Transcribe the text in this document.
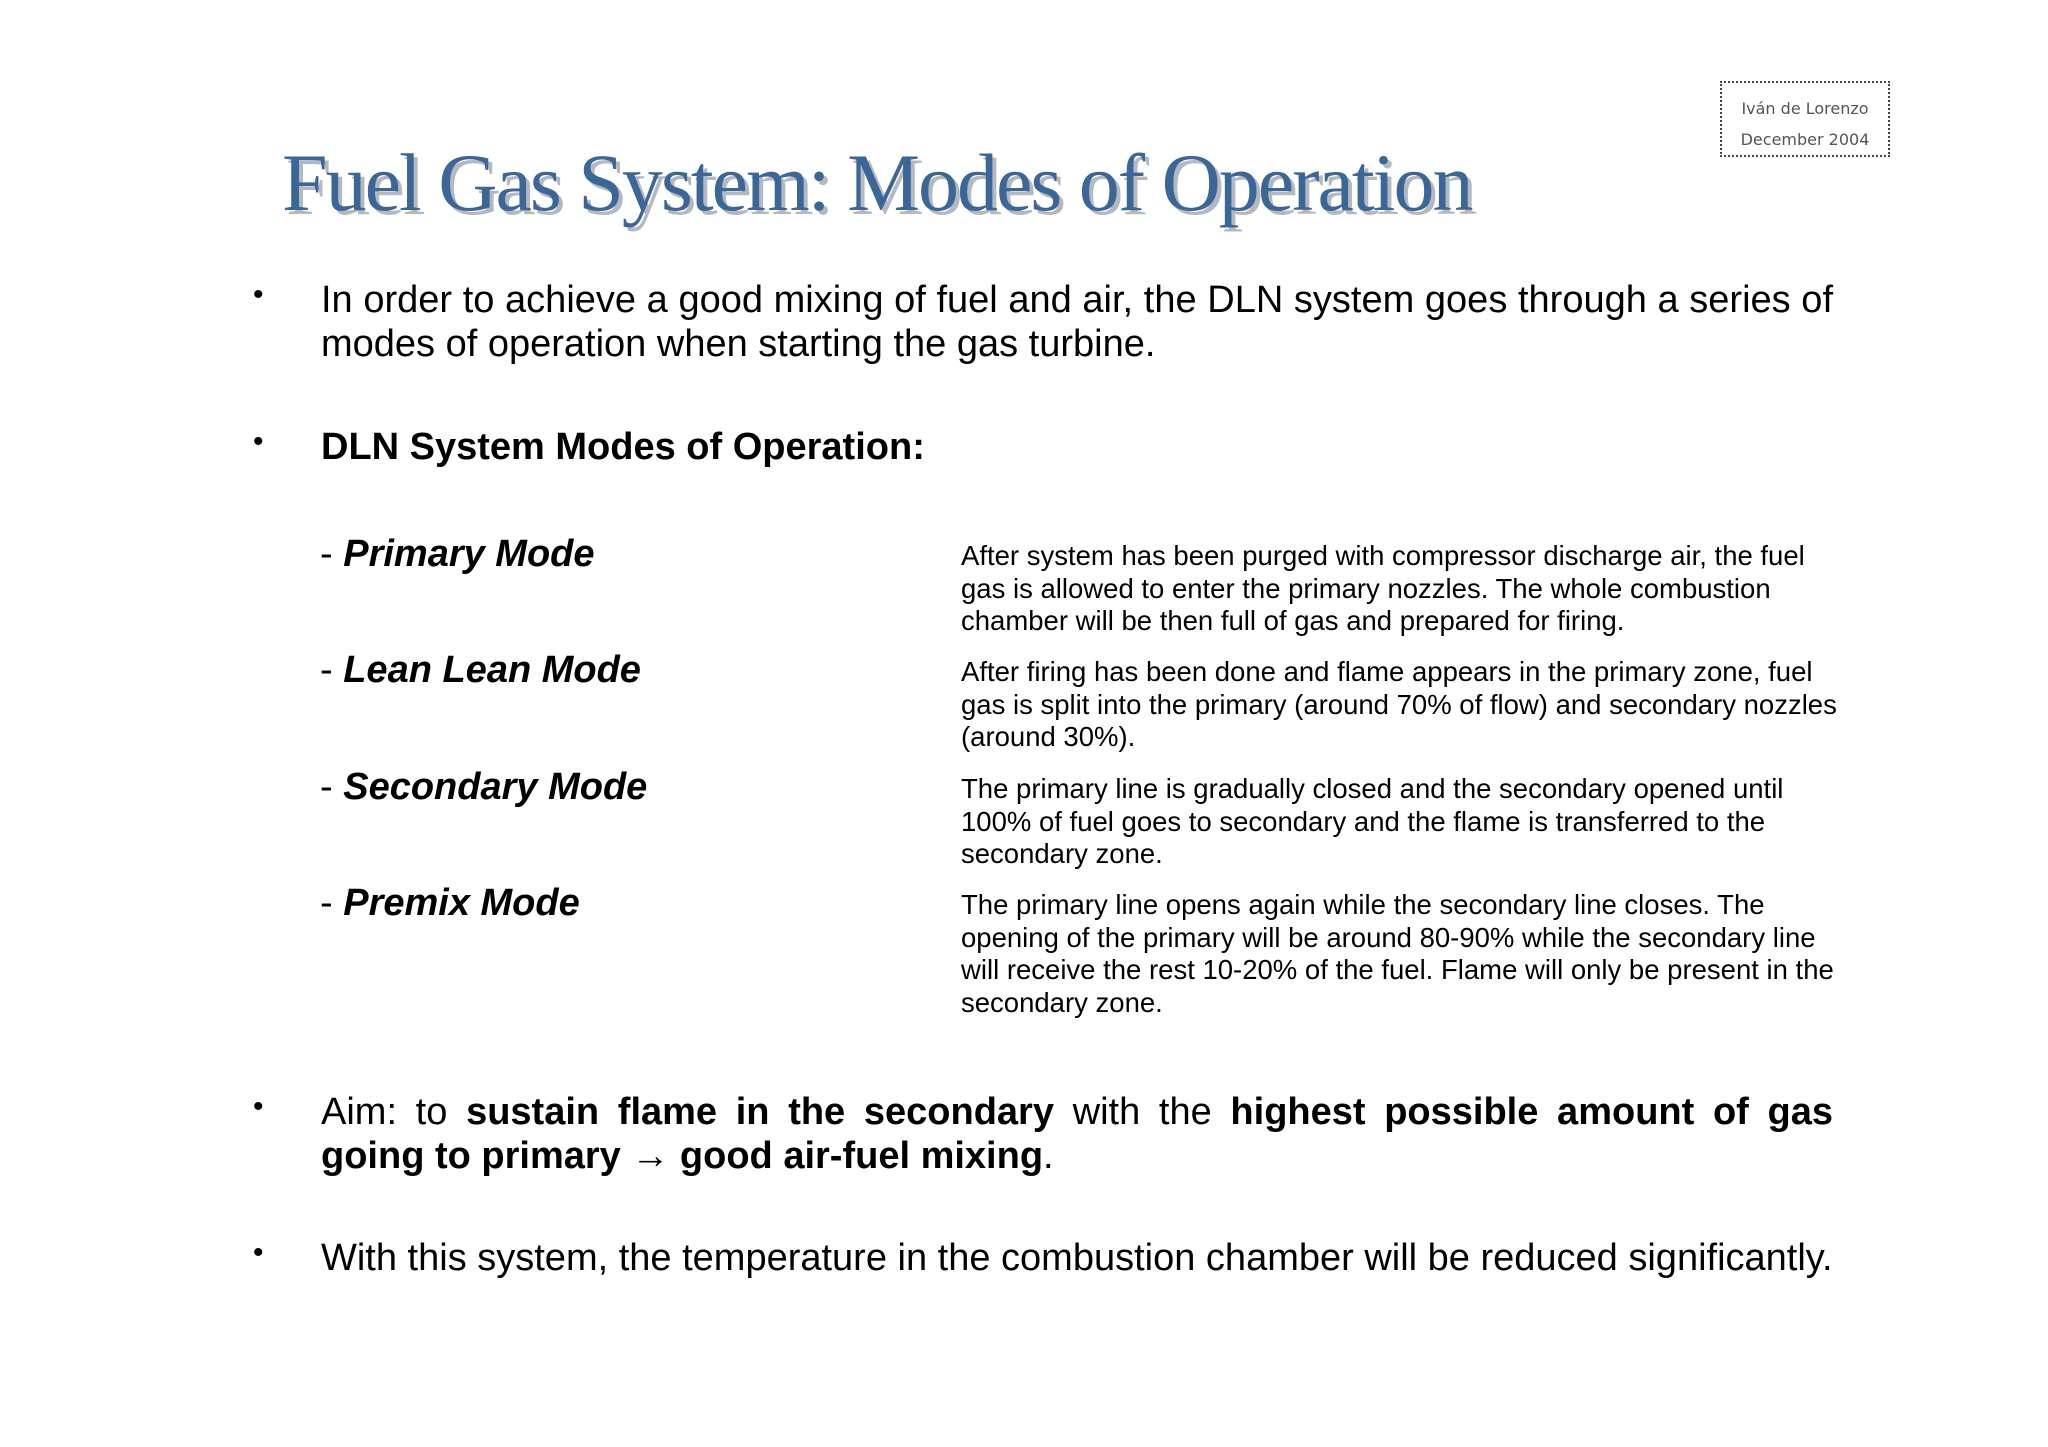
Iván de Lorenzo
December 2004
Fuel Gas System: Modes of Operation
• In order to achieve a good mixing of fuel and air, the DLN system goes through a series of modes of operation when starting the gas turbine.
• DLN System Modes of Operation:
- Primary Mode	After system has been purged with compressor discharge air, the fuel gas is allowed to enter the primary nozzles. The whole combustion chamber will be then full of gas and prepared for firing.
- Lean Lean Mode	After firing has been done and flame appears in the primary zone, fuel gas is split into the primary (around 70% of flow) and secondary nozzles (around 30%).
- Secondary Mode	The primary line is gradually closed and the secondary opened until 100% of fuel goes to secondary and the flame is transferred to the secondary zone.
- Premix Mode	The primary line opens again while the secondary line closes. The opening of the primary will be around 80-90% while the secondary line will receive the rest 10-20% of the fuel. Flame will only be present in the secondary zone.
• Aim: to sustain flame in the secondary with the highest possible amount of gas going to primary → good air-fuel mixing.
• With this system, the temperature in the combustion chamber will be reduced significantly.
